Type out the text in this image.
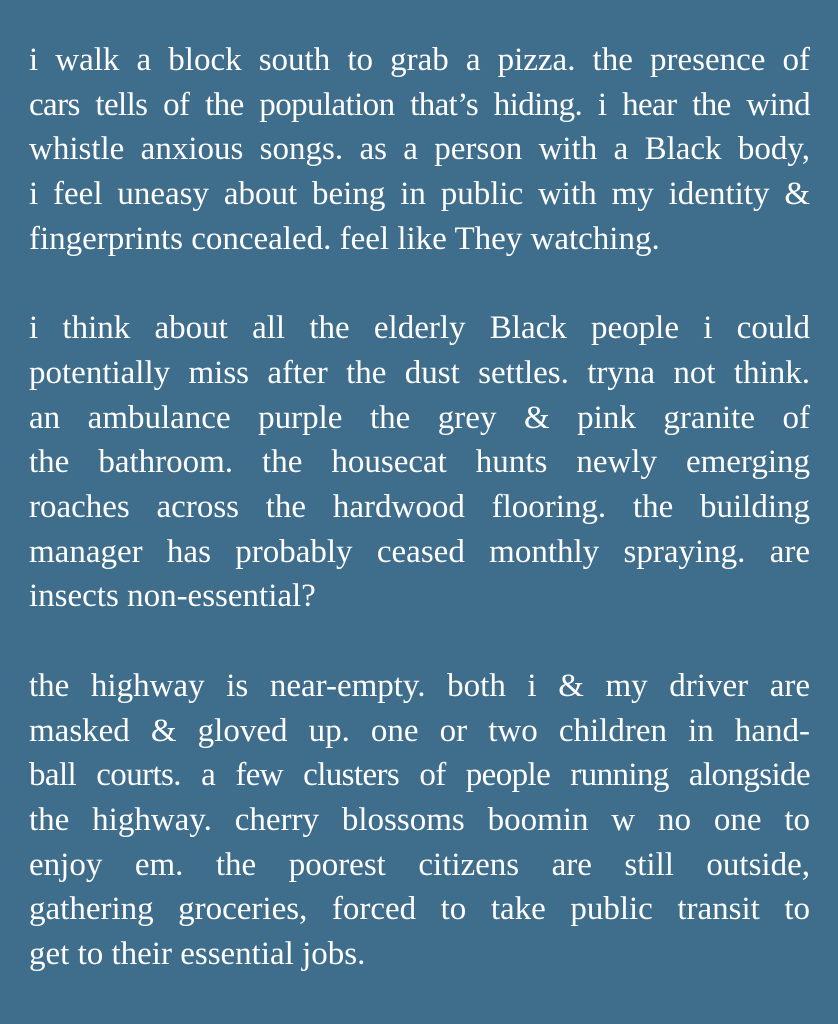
i walk a block south to grab a pizza. the presence of
cars tells of the population that’s hiding. i hear the wind
whistle anxious songs. as a person with a Black body,
i feel uneasy about being in public with my identity &
fingerprints concealed. feel like They watching.
i think about all the elderly Black people i could
potentially miss after the dust settles. tryna not think.
an ambulance purple the grey & pink granite of
the bathroom. the housecat hunts newly emerging
roaches across the hardwood flooring. the building
manager has probably ceased monthly spraying. are
insects non-essential?
the highway is near-empty. both i & my driver are
masked & gloved up. one or two children in hand-
ball courts. a few clusters of people running alongside
the highway. cherry blossoms boomin w no one to
enjoy em. the poorest citizens are still outside,
gathering groceries, forced to take public transit to
get to their essential jobs.
